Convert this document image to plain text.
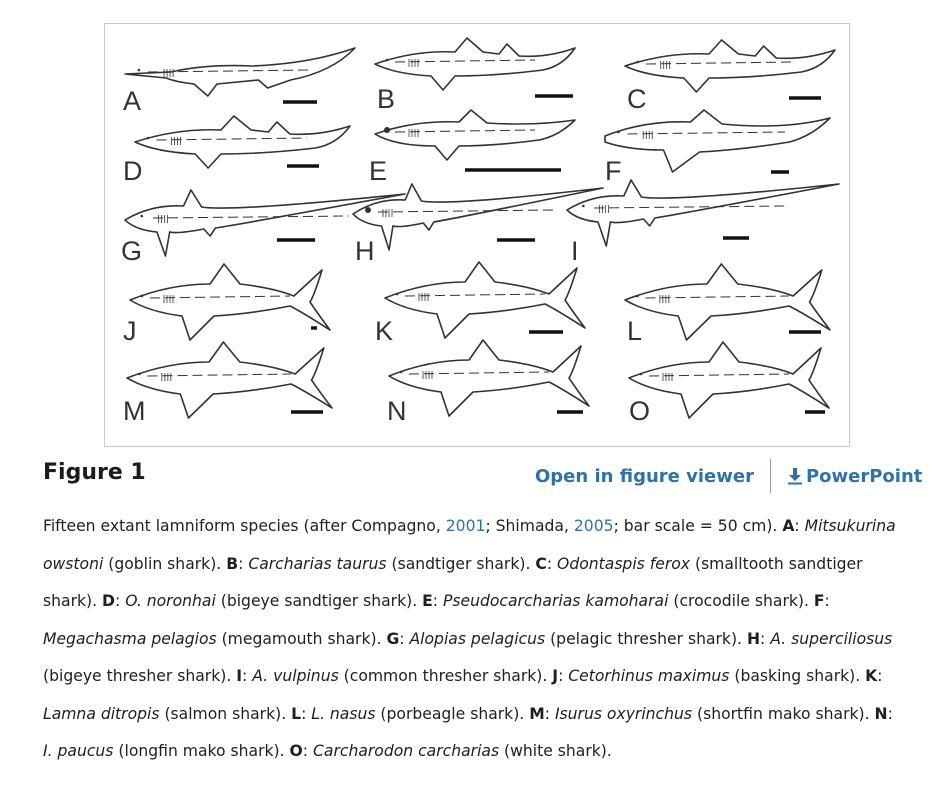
A	B	C
D	E	F
G	H	I
J	K	L
M	N	O
Figure 1	Open in figure viewer	PowerPoint

Fifteen extant lamniform species (after Compagno, 2001; Shimada, 2005; bar scale = 50 cm). A: Mitsukurina owstoni (goblin shark). B: Carcharias taurus (sandtiger shark). C: Odontaspis ferox (smalltooth sandtiger shark). D: O. noronhai (bigeye sandtiger shark). E: Pseudocarcharias kamoharai (crocodile shark). F: Megachasma pelagios (megamouth shark). G: Alopias pelagicus (pelagic thresher shark). H: A. superciliosus (bigeye thresher shark). I: A. vulpinus (common thresher shark). J: Cetorhinus maximus (basking shark). K: Lamna ditropis (salmon shark). L: L. nasus (porbeagle shark). M: Isurus oxyrinchus (shortfin mako shark). N: I. paucus (longfin mako shark). O: Carcharodon carcharias (white shark).
